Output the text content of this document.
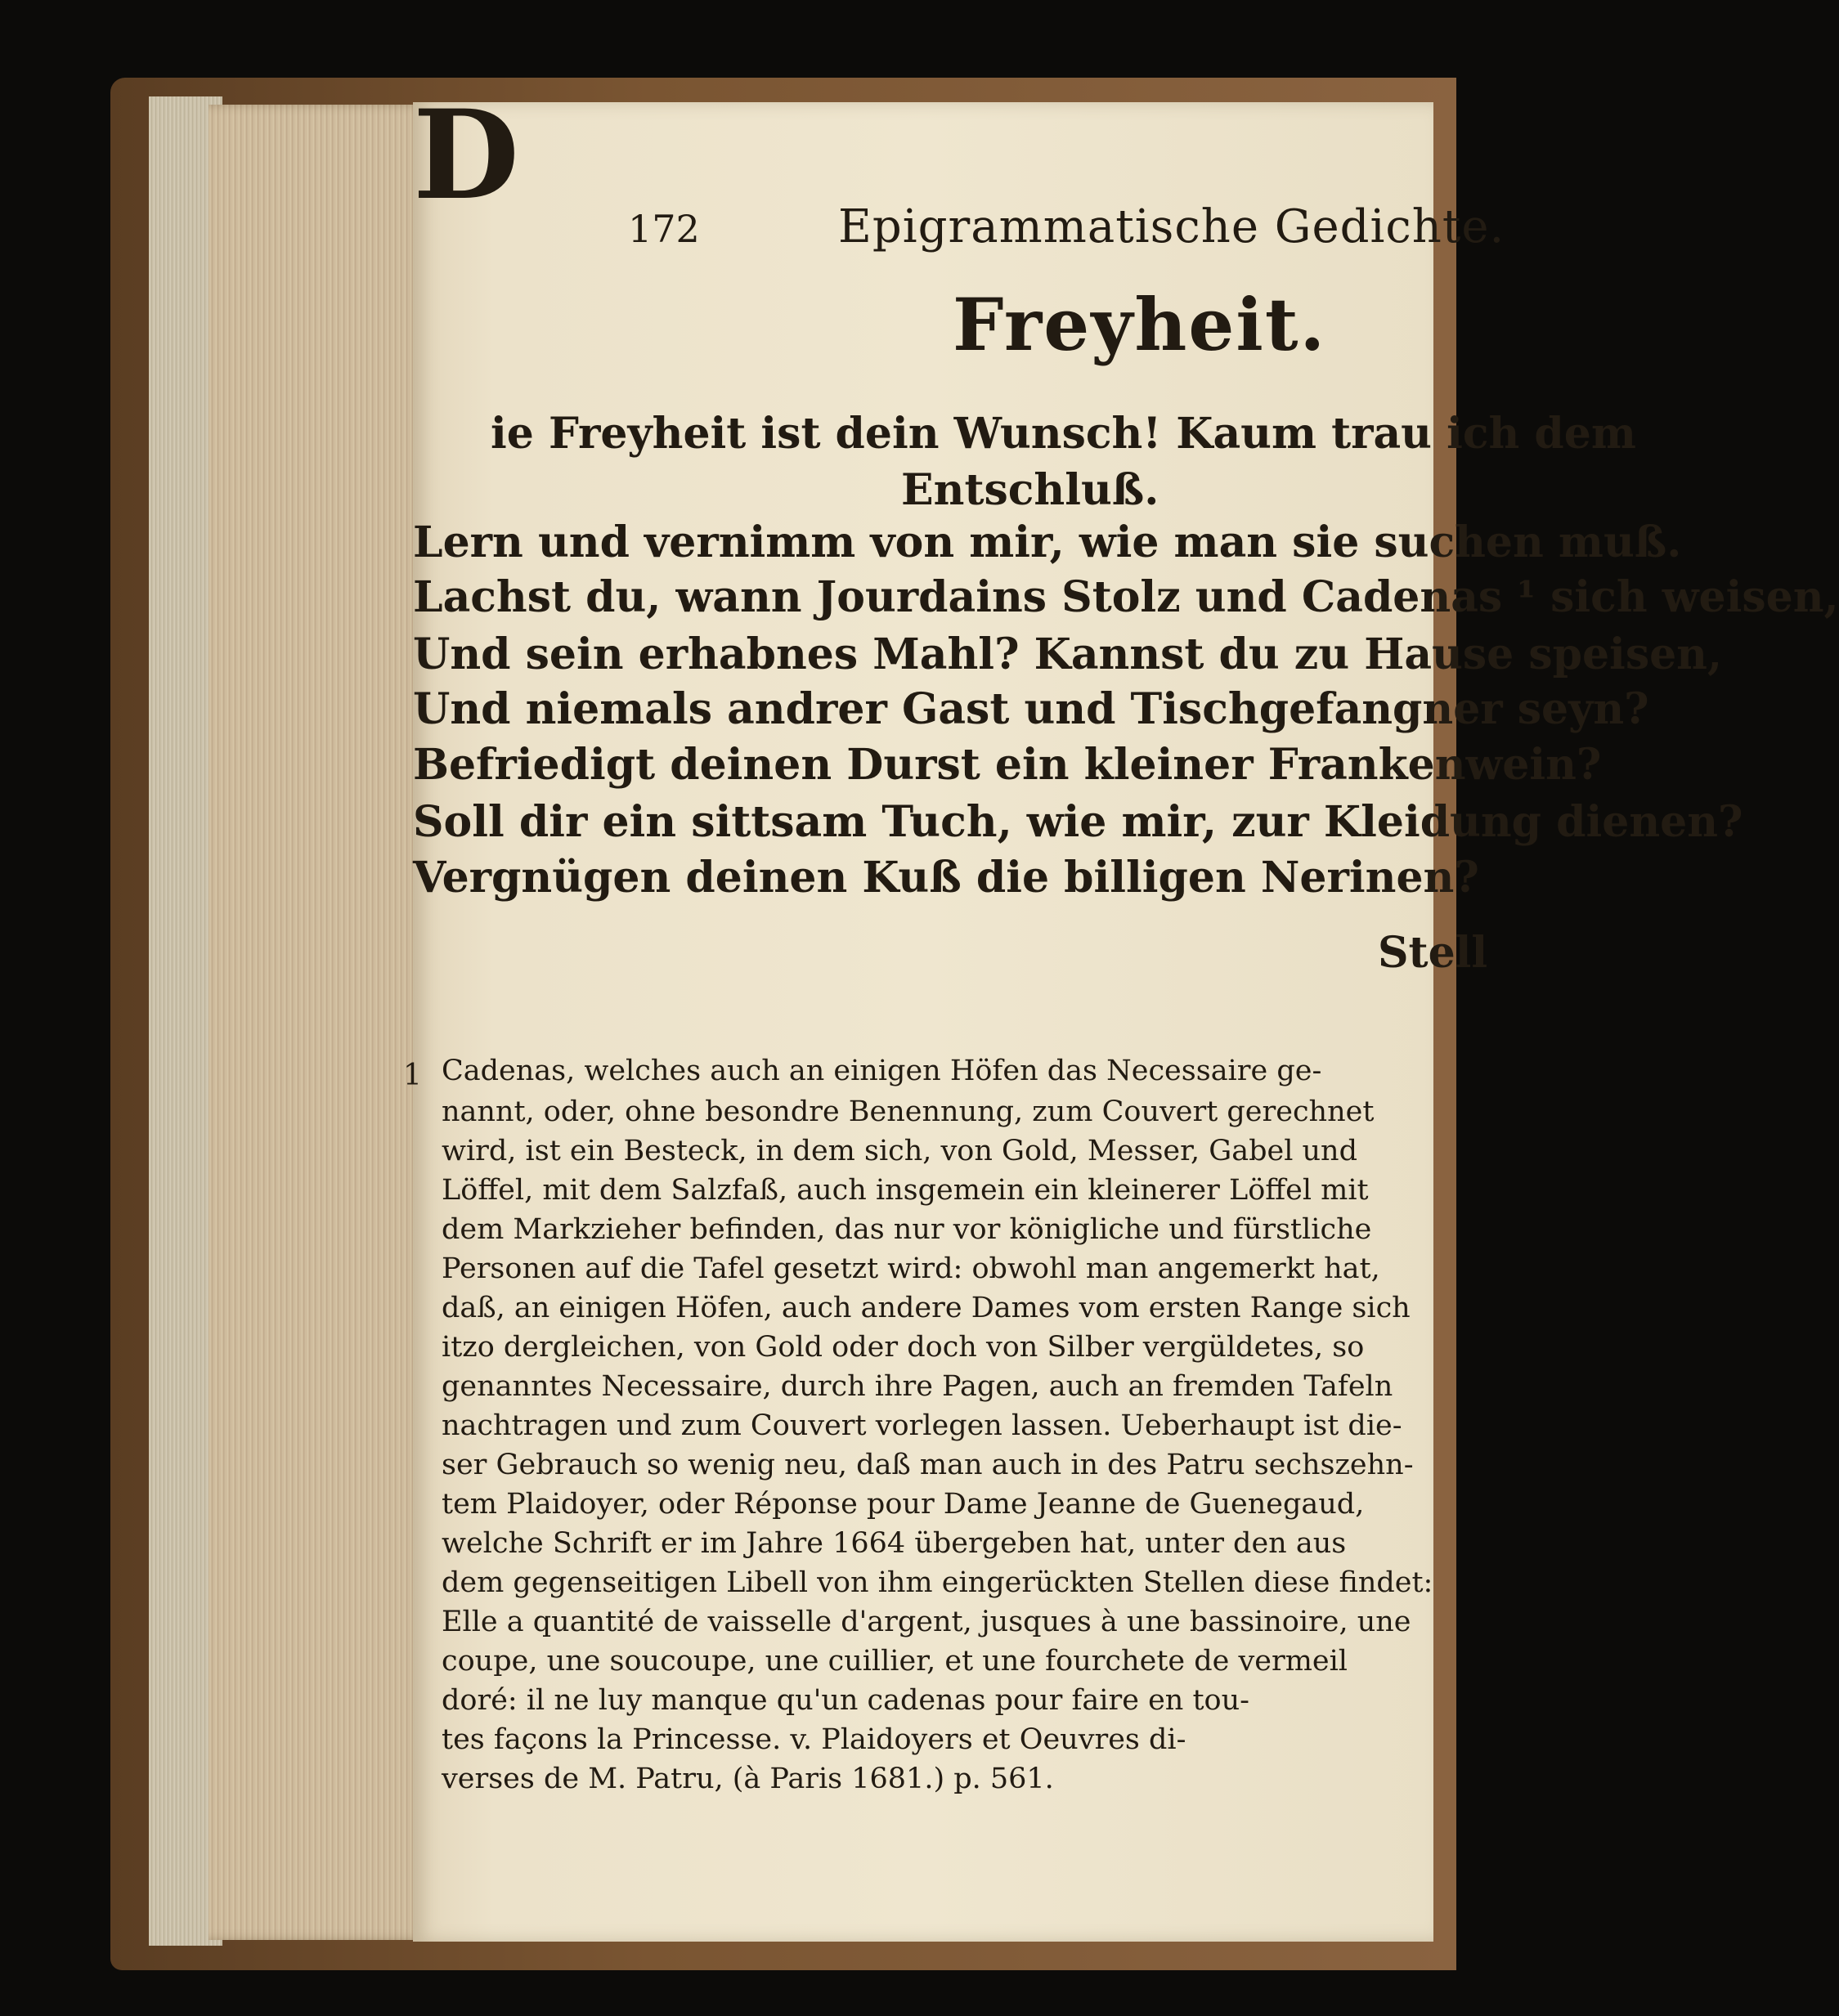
172	Epigrammatische Gedichte.
Freyheit.
D
ie Freyheit ist dein Wunsch! Kaum trau ich dem
Entschluß.
Lern und vernimm von mir, wie man sie suchen muß.
Lachst du, wann Jourdains Stolz und Cadenas ¹ sich weisen,
Und sein erhabnes Mahl? Kannst du zu Hause speisen,
Und niemals andrer Gast und Tischgefangner seyn?
Befriedigt deinen Durst ein kleiner Frankenwein?
Soll dir ein sittsam Tuch, wie mir, zur Kleidung dienen?
Vergnügen deinen Kuß die billigen Nerinen?
Stell
1 Cadenas, welches auch an einigen Höfen das Necessaire ge-
nannt, oder, ohne besondre Benennung, zum Couvert gerechnet
wird, ist ein Besteck, in dem sich, von Gold, Messer, Gabel und
Löffel, mit dem Salzfaß, auch insgemein ein kleinerer Löffel mit
dem Markzieher befinden, das nur vor königliche und fürstliche
Personen auf die Tafel gesetzt wird: obwohl man angemerkt hat,
daß, an einigen Höfen, auch andere Dames vom ersten Range sich
itzo dergleichen, von Gold oder doch von Silber vergüldetes, so
genanntes Necessaire, durch ihre Pagen, auch an fremden Tafeln
nachtragen und zum Couvert vorlegen lassen. Ueberhaupt ist die-
ser Gebrauch so wenig neu, daß man auch in des Patru sechszehn-
tem Plaidoyer, oder Réponse pour Dame Jeanne de Guenegaud,
welche Schrift er im Jahre 1664 übergeben hat, unter den aus
dem gegenseitigen Libell von ihm eingerückten Stellen diese findet:
Elle a quantité de vaisselle d'argent, jusques à une bassinoire, une
coupe, une soucoupe, une cuillier, et une fourchete de vermeil
doré: il ne luy manque qu'un cadenas pour faire en tou-
tes façons la Princesse. v. Plaidoyers et Oeuvres di-
verses de M. Patru, (à Paris 1681.) p. 561.
